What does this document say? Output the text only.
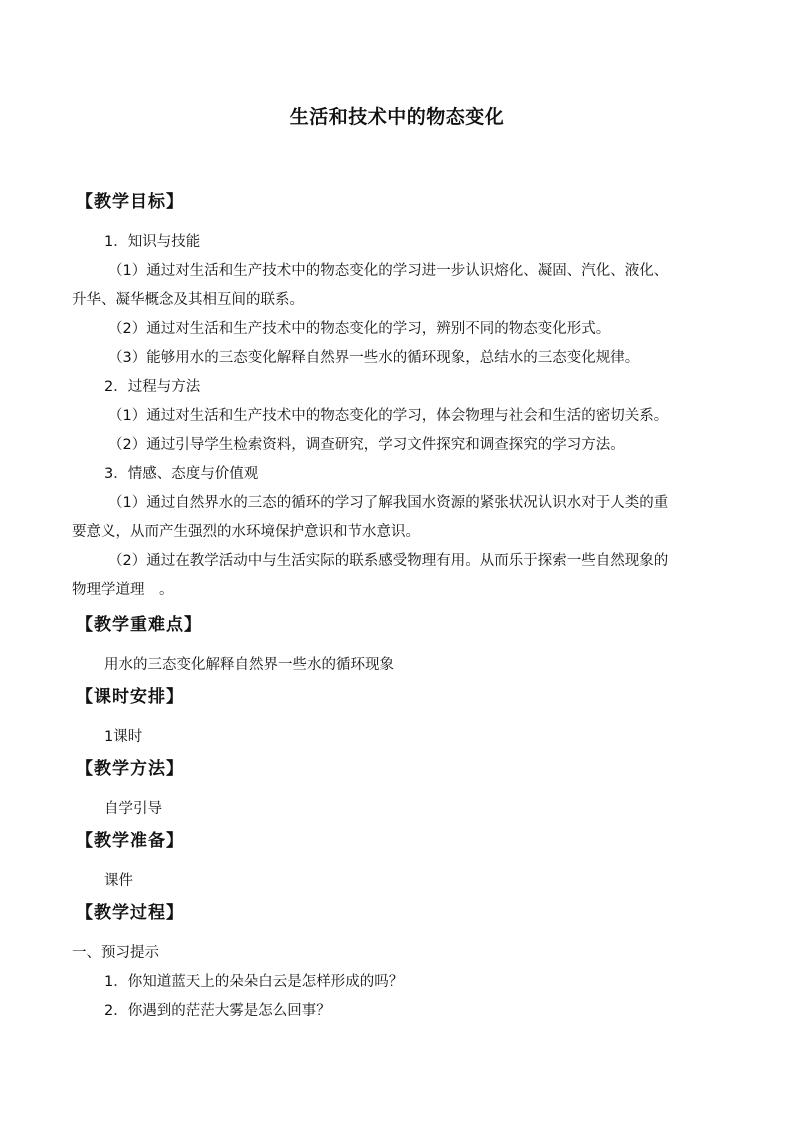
生活和技术中的物态变化
【教学目标】
1．知识与技能
（1）通过对生活和生产技术中的物态变化的学习进一步认识熔化、凝固、汽化、液化、
升华、凝华概念及其相互间的联系。
（2）通过对生活和生产技术中的物态变化的学习，辨别不同的物态变化形式。
（3）能够用水的三态变化解释自然界一些水的循环现象，总结水的三态变化规律。
2．过程与方法
（1）通过对生活和生产技术中的物态变化的学习，体会物理与社会和生活的密切关系。
（2）通过引导学生检索资料，调查研究，学习文件探究和调查探究的学习方法。
3．情感、态度与价值观
（1）通过自然界水的三态的循环的学习了解我国水资源的紧张状况认识水对于人类的重
要意义，从而产生强烈的水环境保护意识和节水意识。
（2）通过在教学活动中与生活实际的联系感受物理有用。从而乐于探索一些自然现象的
物理学道理　。
【教学重难点】
用水的三态变化解释自然界一些水的循环现象
【课时安排】
1课时
【教学方法】
自学引导
【教学准备】
课件
【教学过程】
一、预习提示
1．你知道蓝天上的朵朵白云是怎样形成的吗？
2．你遇到的茫茫大雾是怎么回事？
